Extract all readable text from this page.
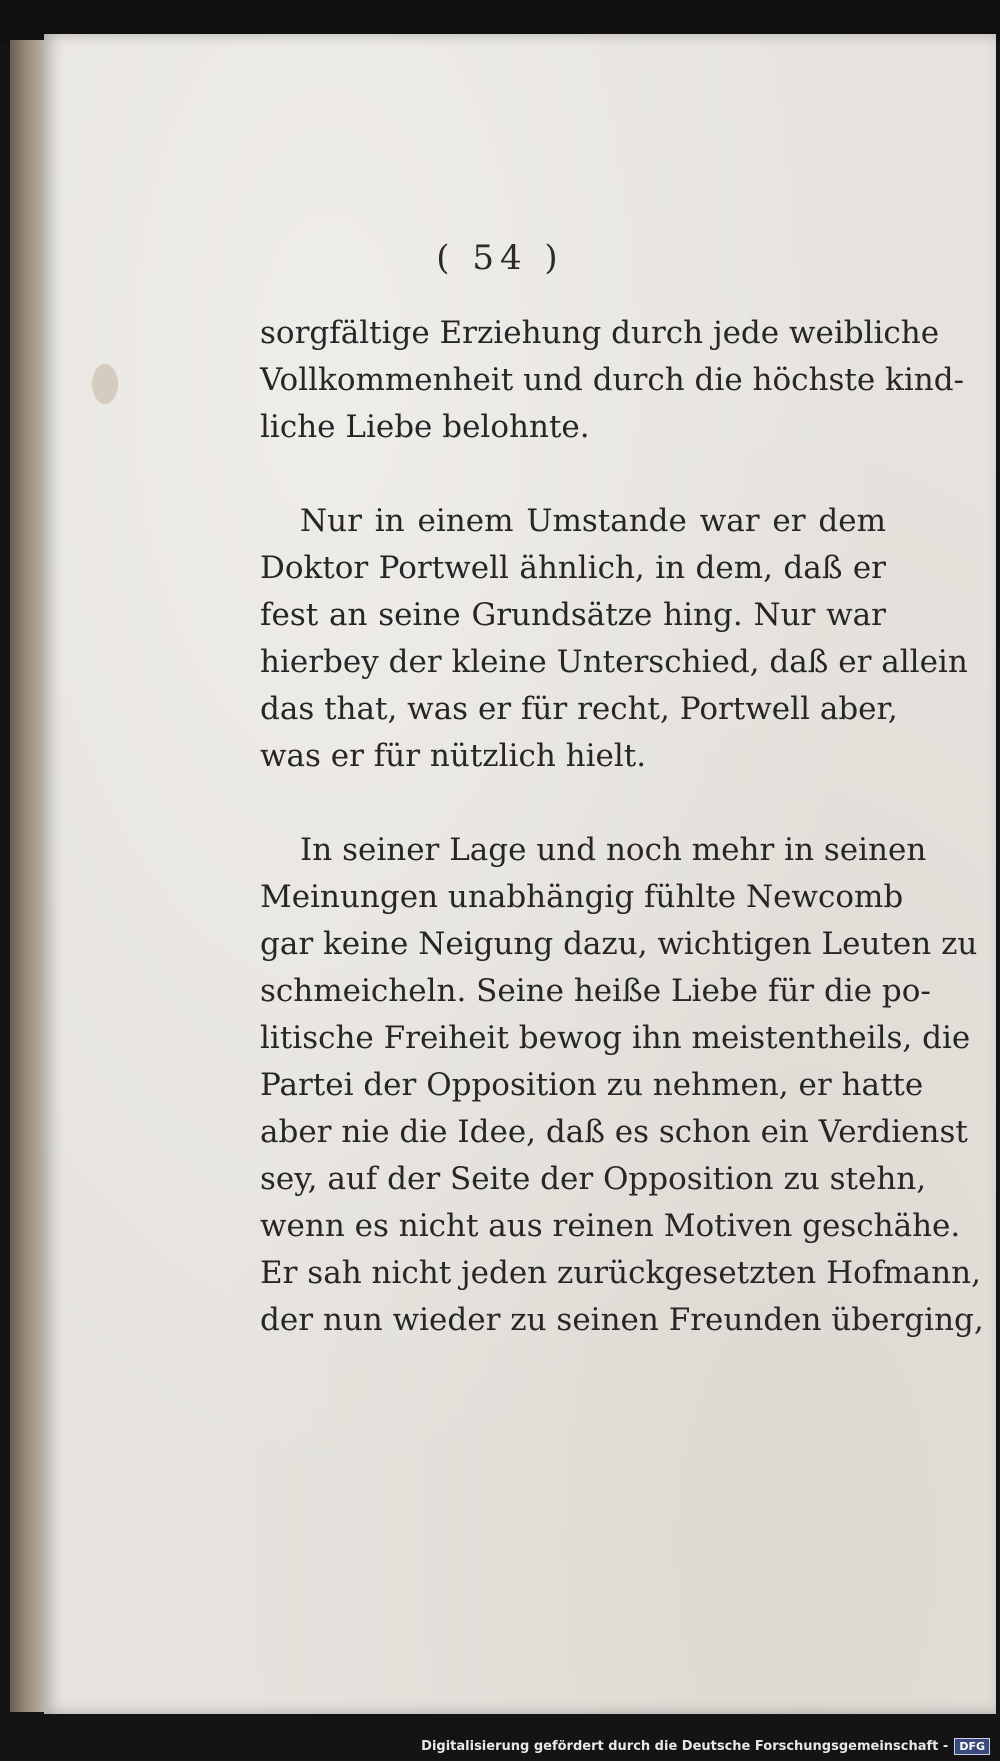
( 54 )

sorgfältige Erziehung durch jede weibliche
Vollkommenheit und durch die höchste kind-
liche Liebe belohnte.
Nur in einem Umstande war er dem
Doktor Portwell ähnlich, in dem, daß er
fest an seine Grundsätze hing. Nur war
hierbey der kleine Unterschied, daß er allein
das that, was er für recht, Portwell aber,
was er für nützlich hielt.
In seiner Lage und noch mehr in seinen
Meinungen unabhängig fühlte Newcomb
gar keine Neigung dazu, wichtigen Leuten zu
schmeicheln. Seine heiße Liebe für die po-
litische Freiheit bewog ihn meistentheils, die
Partei der Opposition zu nehmen, er hatte
aber nie die Idee, daß es schon ein Verdienst
sey, auf der Seite der Opposition zu stehn,
wenn es nicht aus reinen Motiven geschähe.
Er sah nicht jeden zurückgesetzten Hofmann,
der nun wieder zu seinen Freunden überging,
Digitalisierung gefördert durch die Deutsche Forschungsgemeinschaft -	DFG
